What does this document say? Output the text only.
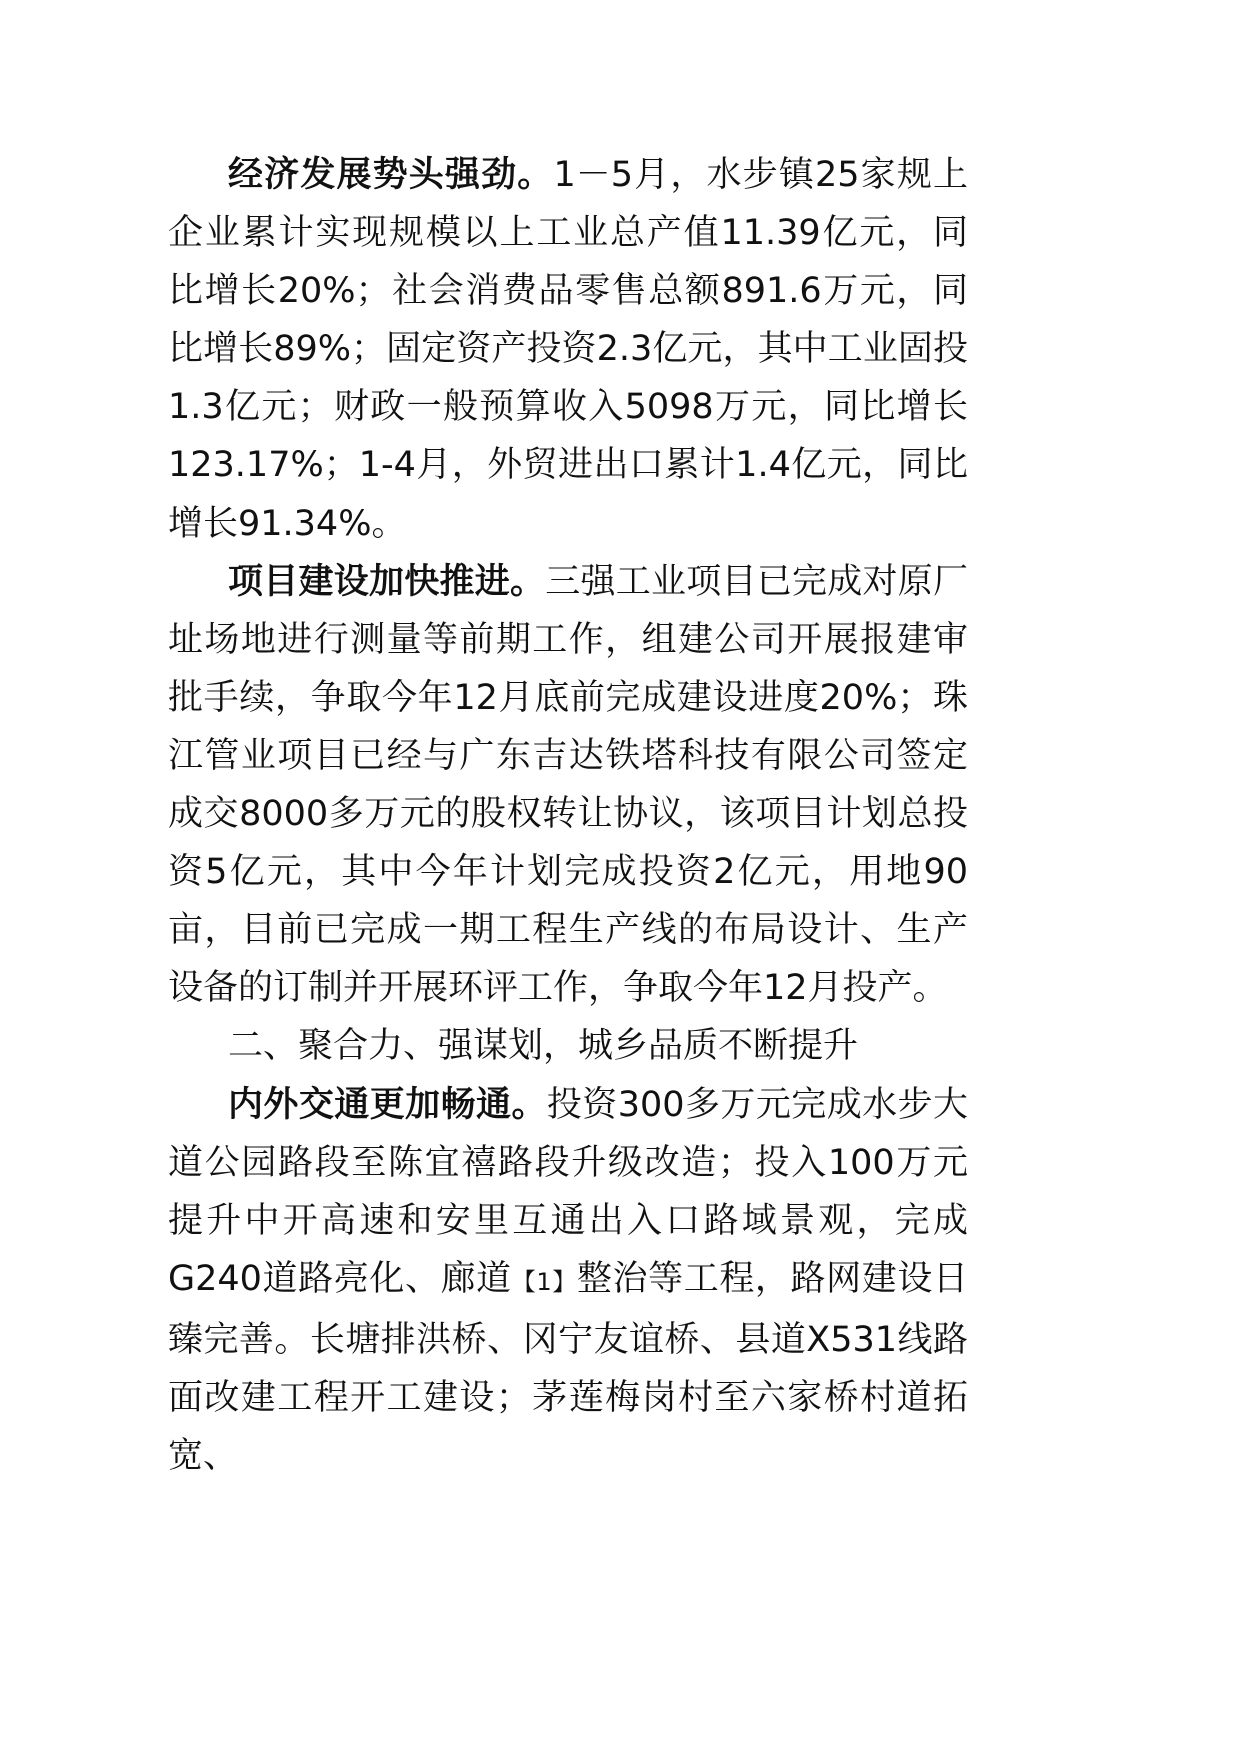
经济发展势头强劲。1－5月，水步镇25家规上企业累计实现规模以上工业总产值11.39亿元，同比增长20%；社会消费品零售总额891.6万元，同比增长89%；固定资产投资2.3亿元，其中工业固投1.3亿元；财政一般预算收入5098万元，同比增长123.17%；1-4月，外贸进出口累计1.4亿元，同比增长91.34%。

项目建设加快推进。三强工业项目已完成对原厂址场地进行测量等前期工作，组建公司开展报建审批手续，争取今年12月底前完成建设进度20%；珠江管业项目已经与广东吉达铁塔科技有限公司签定成交8000多万元的股权转让协议，该项目计划总投资5亿元，其中今年计划完成投资2亿元，用地90亩，目前已完成一期工程生产线的布局设计、生产设备的订制并开展环评工作，争取今年12月投产。

二、聚合力、强谋划，城乡品质不断提升

内外交通更加畅通。投资300多万元完成水步大道公园路段至陈宜禧路段升级改造；投入100万元提升中开高速和安里互通出入口路域景观，完成G240道路亮化、廊道【1】整治等工程，路网建设日臻完善。长塘排洪桥、冈宁友谊桥、县道X531线路面改建工程开工建设；茅莲梅岗村至六家桥村道拓宽、
